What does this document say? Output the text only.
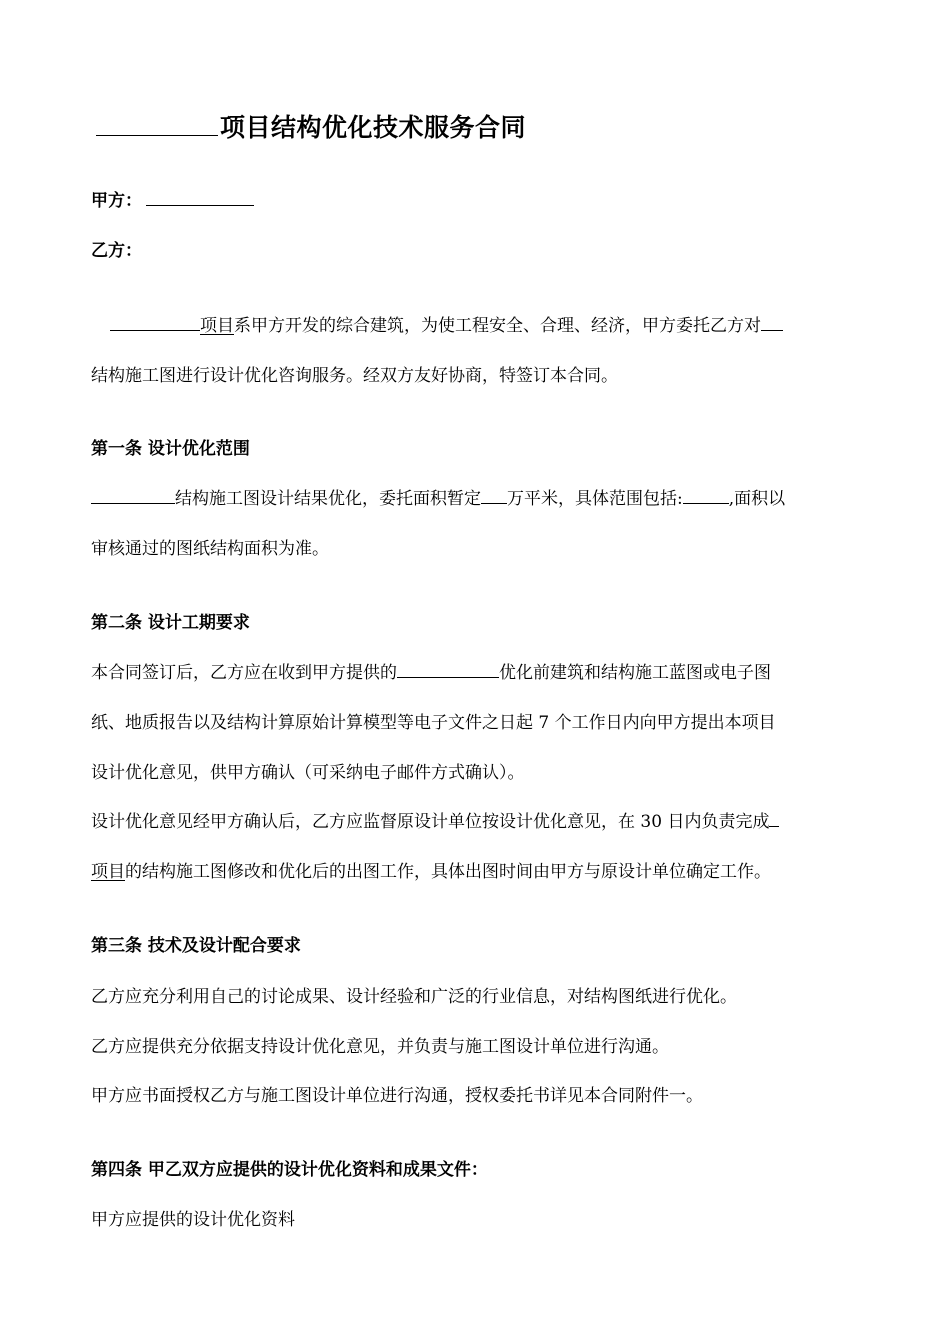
项目结构优化技术服务合同
甲方：
乙方：
项目系甲方开发的综合建筑，为使工程安全、合理、经济，甲方委托乙方对
结构施工图进行设计优化咨询服务。经双方友好协商，特签订本合同。
第一条 设计优化范围
结构施工图设计结果优化，委托面积暂定 万平米，具体范围包括:	,面积以
审核通过的图纸结构面积为准。
第二条 设计工期要求
本合同签订后，乙方应在收到甲方提供的	优化前建筑和结构施工蓝图或电子图
纸、地质报告以及结构计算原始计算模型等电子文件之日起 7 个工作日内向甲方提出本项目
设计优化意见，供甲方确认（可采纳电子邮件方式确认）。
设计优化意见经甲方确认后，乙方应监督原设计单位按设计优化意见，在 30 日内负责完成
项目的结构施工图修改和优化后的出图工作，具体出图时间由甲方与原设计单位确定工作。
第三条 技术及设计配合要求
乙方应充分利用自己的讨论成果、设计经验和广泛的行业信息，对结构图纸进行优化。
乙方应提供充分依据支持设计优化意见，并负责与施工图设计单位进行沟通。
甲方应书面授权乙方与施工图设计单位进行沟通，授权委托书详见本合同附件一。
第四条 甲乙双方应提供的设计优化资料和成果文件：
甲方应提供的设计优化资料
